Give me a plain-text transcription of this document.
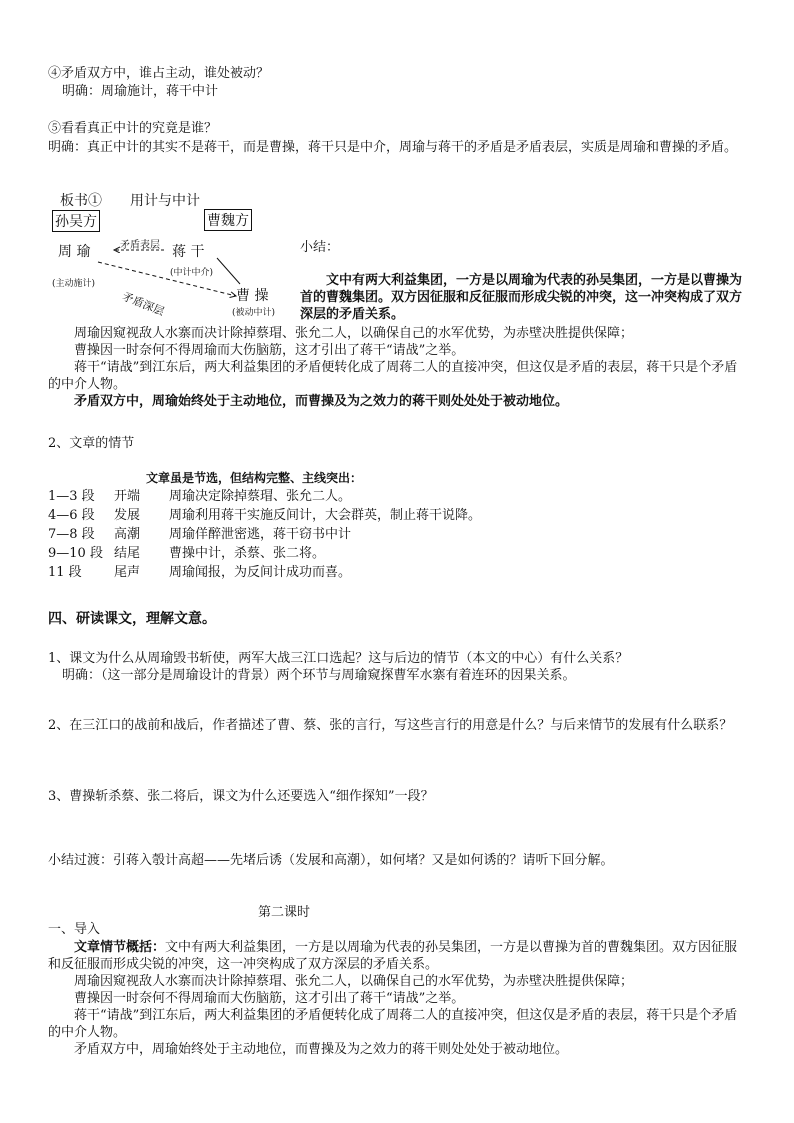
④矛盾双方中，谁占主动，谁处被动？
明确：周瑜施计，蒋干中计
⑤看看真正中计的究竟是谁？

明确：真正中计的其实不是蒋干，而是曹操，蒋干只是中介，周瑜与蒋干的矛盾是矛盾表层，实质是周瑜和曹操的矛盾。

板书① 用计与中计
孙吴方	曹魏方
周 瑜	矛盾表层 蒋 干
(主动施计)
(中计中介)
矛盾深层	曹 操
(被动中计)
小结：

文中有两大利益集团，一方是以周瑜为代表的孙吴集团，一方是以曹操为首的曹魏集团。双方因征服和反征服而形成尖锐的冲突，这一冲突构成了双方深层的矛盾关系。

周瑜因窥视敌人水寨而决计除掉蔡瑁、张允二人，以确保自己的水军优势，为赤壁决胜提供保障；

曹操因一时奈何不得周瑜而大伤脑筋，这才引出了蒋干“请战”之举。

蒋干“请战”到江东后，两大利益集团的矛盾便转化成了周蒋二人的直接冲突，但这仅是矛盾的表层，蒋干只是个矛盾的中介人物。

矛盾双方中，周瑜始终处于主动地位，而曹操及为之效力的蒋干则处处处于被动地位。

2、文章的情节
文章虽是节选，但结构完整、主线突出：
1—3 段	开端	周瑜决定除掉蔡瑁、张允二人。
4—6 段	发展	周瑜利用蒋干实施反间计，大会群英，制止蒋干说降。
7—8 段	高潮	周瑜佯醉泄密逃，蒋干窃书中计
9—10 段 结尾	曹操中计，杀蔡、张二将。
11 段	尾声	周瑜闻报，为反间计成功而喜。
四、研读课文，理解文意。
1、课文为什么从周瑜毁书斩使，两军大战三江口选起？这与后边的情节（本文的中心）有什么关系？
明确：（这一部分是周瑜设计的背景）两个环节与周瑜窥探曹军水寨有着连环的因果关系。

2、在三江口的战前和战后，作者描述了曹、蔡、张的言行，写这些言行的用意是什么？与后来情节的发展有什么联系？

3、曹操斩杀蔡、张二将后，课文为什么还要选入“细作探知”一段？
小结过渡：引蒋入彀计高超——先堵后诱（发展和高潮），如何堵？又是如何诱的？请听下回分解。
第二课时
一、导入

文章情节概括：文中有两大利益集团，一方是以周瑜为代表的孙吴集团，一方是以曹操为首的曹魏集团。双方因征服和反征服而形成尖锐的冲突，这一冲突构成了双方深层的矛盾关系。

周瑜因窥视敌人水寨而决计除掉蔡瑁、张允二人，以确保自己的水军优势，为赤壁决胜提供保障；

曹操因一时奈何不得周瑜而大伤脑筋，这才引出了蒋干“请战”之举。

蒋干“请战”到江东后，两大利益集团的矛盾便转化成了周蒋二人的直接冲突，但这仅是矛盾的表层，蒋干只是个矛盾的中介人物。

矛盾双方中，周瑜始终处于主动地位，而曹操及为之效力的蒋干则处处处于被动地位。
